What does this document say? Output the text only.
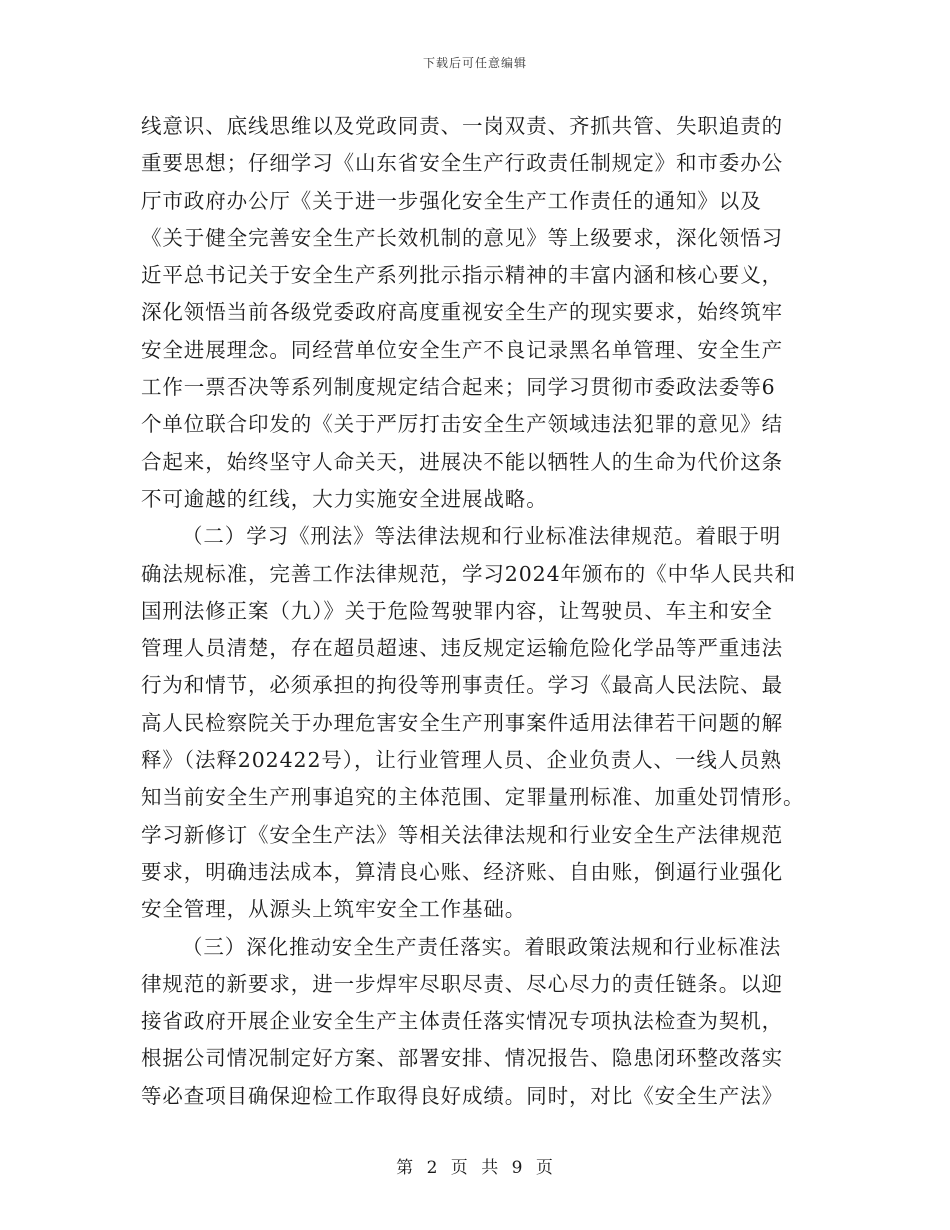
下载后可任意编辑
线意识、底线思维以及党政同责、一岗双责、齐抓共管、失职追责的
重要思想；仔细学习《山东省安全生产行政责任制规定》和市委办公
厅市政府办公厅《关于进一步强化安全生产工作责任的通知》以及
《关于健全完善安全生产长效机制的意见》等上级要求，深化领悟习
近平总书记关于安全生产系列批示指示精神的丰富内涵和核心要义，
深化领悟当前各级党委政府高度重视安全生产的现实要求，始终筑牢
安全进展理念。同经营单位安全生产不良记录黑名单管理、安全生产
工作一票否决等系列制度规定结合起来；同学习贯彻市委政法委等6
个单位联合印发的《关于严厉打击安全生产领域违法犯罪的意见》结
合起来，始终坚守人命关天，进展决不能以牺牲人的生命为代价这条
不可逾越的红线，大力实施安全进展战略。
（二）学习《刑法》等法律法规和行业标准法律规范。着眼于明
确法规标准，完善工作法律规范，学习2024年颁布的《中华人民共和
国刑法修正案（九）》关于危险驾驶罪内容，让驾驶员、车主和安全
管理人员清楚，存在超员超速、违反规定运输危险化学品等严重违法
行为和情节，必须承担的拘役等刑事责任。学习《最高人民法院、最
高人民检察院关于办理危害安全生产刑事案件适用法律若干问题的解
释》（法释202422号），让行业管理人员、企业负责人、一线人员熟
知当前安全生产刑事追究的主体范围、定罪量刑标准、加重处罚情形。
学习新修订《安全生产法》等相关法律法规和行业安全生产法律规范
要求，明确违法成本，算清良心账、经济账、自由账，倒逼行业强化
安全管理，从源头上筑牢安全工作基础。
（三）深化推动安全生产责任落实。着眼政策法规和行业标准法
律规范的新要求，进一步焊牢尽职尽责、尽心尽力的责任链条。以迎
接省政府开展企业安全生产主体责任落实情况专项执法检查为契机，
根据公司情况制定好方案、部署安排、情况报告、隐患闭环整改落实
等必查项目确保迎检工作取得良好成绩。同时，对比《安全生产法》
第 2 页 共 9 页
